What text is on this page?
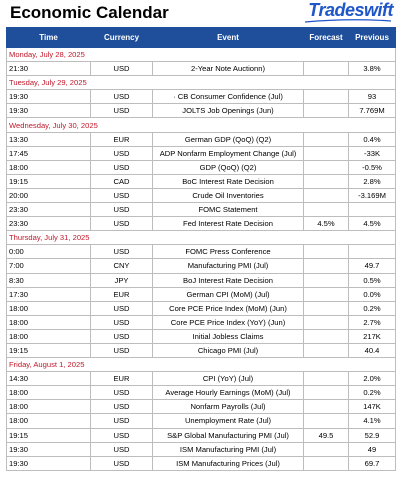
Economic Calendar	Tradeswift
Time	Currency	Event	Forecast	Previous
Monday, July 28, 2025				
21:30	USD	2-Year Note Auctionn)		3.8%
Tuesday, July 29, 2025				
19:30	USD	· CB Consumer Confidence (Jul)		93
19:30	USD	JOLTS Job Openings (Jun)		7.769M
Wednesday, July 30, 2025				
13:30	EUR	German GDP (QoQ) (Q2)		0.4%
17:45	USD	ADP Nonfarm Employment Change (Jul)		-33K
18:00	USD	GDP (QoQ) (Q2)		-0.5%
19:15	CAD	BoC Interest Rate Decision		2.8%
20:00	USD	Crude Oil Inventories		-3.169M
23:30	USD	FOMC Statement		
23:30	USD	Fed Interest Rate Decision	4.5%	4.5%
Thursday, July 31, 2025				
0:00	USD	FOMC Press Conference		
7:00	CNY	Manufacturing PMI (Jul)		49.7
8:30	JPY	BoJ Interest Rate Decision		0.5%
17:30	EUR	German CPI (MoM) (Jul)		0.0%
18:00	USD	Core PCE Price Index (MoM) (Jun)		0.2%
18:00	USD	Core PCE Price Index (YoY) (Jun)		2.7%
18:00	USD	Initial Jobless Claims		217K
19:15	USD	Chicago PMI (Jul)		40.4
Friday, August 1, 2025				
14:30	EUR	CPI (YoY) (Jul)		2.0%
18:00	USD	Average Hourly Earnings (MoM) (Jul)		0.2%
18:00	USD	Nonfarm Payrolls (Jul)		147K
18:00	USD	Unemployment Rate (Jul)		4.1%
19:15	USD	S&P Global Manufacturing PMI (Jul)	49.5	52.9
19:30	USD	ISM Manufacturing PMI (Jul)		49
19:30	USD	ISM Manufacturing Prices (Jul)		69.7
